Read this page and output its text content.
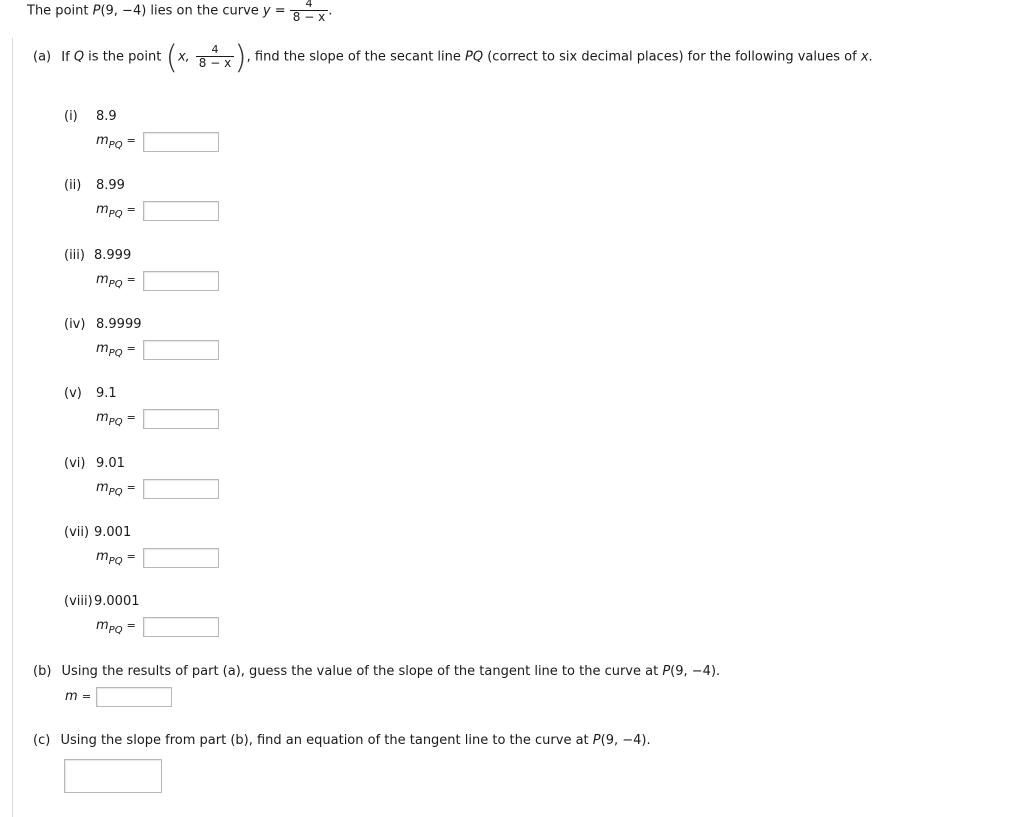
The point P(9, −4) lies on the curve $y = \frac{4}{8 - x}$ .
(a) If Q is the point (x, $\frac{4}{8 - x}$ ), find the slope of the secant line PQ (correct to six decimal places) for the following values of x.
(i) 8.9
$m_{PQ}$ =
(ii) 8.99
$m_{PQ}$ =
(iii) 8.999
$m_{PQ}$ =
(iv) 8.9999
$m_{PQ}$ =
(v) 9.1
$m_{PQ}$ =
(vi) 9.01
$m_{PQ}$ =
(vii) 9.001
$m_{PQ}$ =
(viii)9.0001
$m_{PQ}$ =
(b) Using the results of part (a), guess the value of the slope of the tangent line to the curve at P(9, −4).
m =
(c) Using the slope from part (b), find an equation of the tangent line to the curve at P(9, −4).
